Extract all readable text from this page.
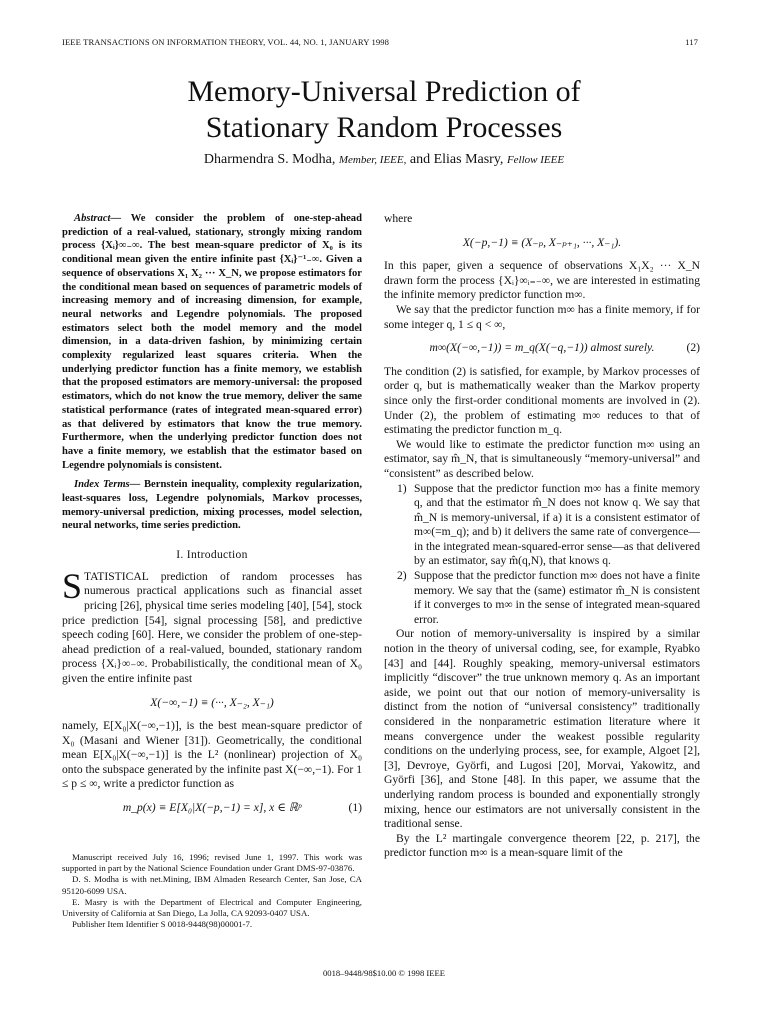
IEEE TRANSACTIONS ON INFORMATION THEORY, VOL. 44, NO. 1, JANUARY 1998	117
Memory-Universal Prediction of
Stationary Random Processes
Dharmendra S. Modha, Member, IEEE, and Elias Masry, Fellow IEEE

Abstract— We consider the problem of one-step-ahead prediction of a real-valued, stationary, strongly mixing random process {Xᵢ}∞₋∞. The best mean-square predictor of X₀ is its conditional mean given the entire infinite past {Xᵢ}⁻¹₋∞. Given a sequence of observations X₁ X₂ ··· X_N, we propose estimators for the conditional mean based on sequences of parametric models of increasing memory and of increasing dimension, for example, neural networks and Legendre polynomials. The proposed estimators select both the model memory and the model dimension, in a data-driven fashion, by minimizing certain complexity regularized least squares criteria. When the underlying predictor function has a finite memory, we establish that the proposed estimators are memory-universal: the proposed estimators, which do not know the true memory, deliver the same statistical performance (rates of integrated mean-squared error) as that delivered by estimators that know the true memory. Furthermore, when the underlying predictor function does not have a finite memory, we establish that the estimator based on Legendre polynomials is consistent.

Index Terms— Bernstein inequality, complexity regularization, least-squares loss, Legendre polynomials, Markov processes, memory-universal prediction, mixing processes, model selection, neural networks, time series prediction.

I. Introduction

S TATISTICAL prediction of random processes has numerous practical applications such as financial asset pricing [26], physical time series modeling [40], [54], stock price prediction [54], signal processing [58], and predictive speech coding [60]. Here, we consider the problem of one-step-ahead prediction of a real-valued, bounded, stationary random process {Xᵢ}∞₋∞. Probabilistically, the conditional mean of X₀ given the entire infinite past

X(−∞,−1) ≡ (···, X₋₂, X₋₁)

namely, E[X₀|X(−∞,−1)], is the best mean-square predictor of X₀ (Masani and Wiener [31]). Geometrically, the conditional mean E[X₀|X(−∞,−1)] is the L² (nonlinear) projection of X₀ onto the subspace generated by the infinite past X(−∞,−1). For 1 ≤ p ≤ ∞, write a predictor function as

m_p(x) ≡ E[X₀|X(−p,−1) = x], x ∈ ℝᵖ	(1)

Manuscript received July 16, 1996; revised June 1, 1997. This work was supported in part by the National Science Foundation under Grant DMS-97-03876.

D. S. Modha is with net.Mining, IBM Almaden Research Center, San Jose, CA 95120-6099 USA.

E. Masry is with the Department of Electrical and Computer Engineering, University of California at San Diego, La Jolla, CA 92093-0407 USA.

Publisher Item Identifier S 0018-9448(98)00001-7.

where

X(−p,−1) ≡ (X₋ₚ, X₋ₚ₊₁, ···, X₋₁).

In this paper, given a sequence of observations X₁X₂ ··· X_N drawn form the process {Xᵢ}∞ᵢ₌₋∞, we are interested in estimating the infinite memory predictor function m∞.

We say that the predictor function m∞ has a finite memory, if for some integer q, 1 ≤ q < ∞,

m∞(X(−∞,−1)) = m_q(X(−q,−1)) almost surely.	(2)

The condition (2) is satisfied, for example, by Markov processes of order q, but is mathematically weaker than the Markov property since only the first-order conditional moments are involved in (2). Under (2), the problem of estimating m∞ reduces to that of estimating the predictor function m_q.

We would like to estimate the predictor function m∞ using an estimator, say m̂_N, that is simultaneously “memory-universal” and “consistent” as described below.

1) Suppose that the predictor function m∞ has a finite memory q, and that the estimator m̂_N does not know q. We say that m̂_N is memory-universal, if a) it is a consistent estimator of m∞(=m_q); and b) it delivers the same rate of convergence—in the integrated mean-squared-error sense—as that delivered by an estimator, say m̂(q,N), that knows q.
2) Suppose that the predictor function m∞ does not have a finite memory. We say that the (same) estimator m̂_N is consistent if it converges to m∞ in the sense of integrated mean-squared error.

Our notion of memory-universality is inspired by a similar notion in the theory of universal coding, see, for example, Ryabko [43] and [44]. Roughly speaking, memory-universal estimators implicitly “discover” the true unknown memory q. As an important aside, we point out that our notion of memory-universality is distinct from the notion of “universal consistency” traditionally considered in the nonparametric estimation literature where it means convergence under the weakest possible regularity conditions on the underlying process, see, for example, Algoet [2], [3], Devroye, Györfi, and Lugosi [20], Morvai, Yakowitz, and Györfi [36], and Stone [48]. In this paper, we assume that the underlying random process is bounded and exponentially strongly mixing, hence our estimators are not universally consistent in the traditional sense.

By the L² martingale convergence theorem [22, p. 217], the predictor function m∞ is a mean-square limit of the

0018–9448/98$10.00 © 1998 IEEE
